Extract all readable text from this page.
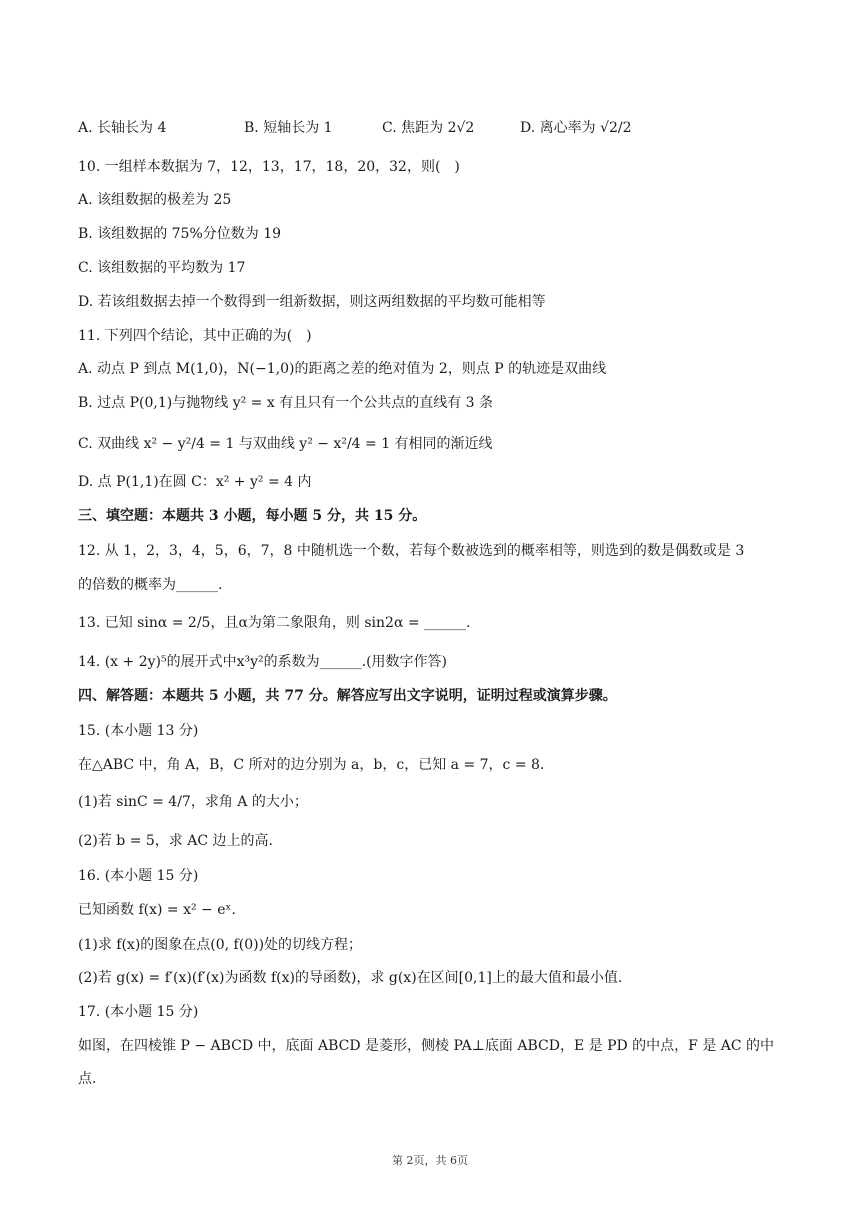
A. 长轴长为 4	B. 短轴长为 1	C. 焦距为 2√2	D. 离心率为 √2/2
10. 一组样本数据为 7，12，13，17，18，20，32，则(　)
A. 该组数据的极差为 25
B. 该组数据的 75%分位数为 19
C. 该组数据的平均数为 17
D. 若该组数据去掉一个数得到一组新数据，则这两组数据的平均数可能相等
11. 下列四个结论，其中正确的为(　)
A. 动点 P 到点 M(1,0)，N(−1,0)的距离之差的绝对值为 2，则点 P 的轨迹是双曲线
B. 过点 P(0,1)与抛物线 y² = x 有且只有一个公共点的直线有 3 条
C. 双曲线 x² − y²/4 = 1 与双曲线 y² − x²/4 = 1 有相同的渐近线
D. 点 P(1,1)在圆 C：x² + y² = 4 内
三、填空题：本题共 3 小题，每小题 5 分，共 15 分。
12. 从 1，2，3，4，5，6，7，8 中随机选一个数，若每个数被选到的概率相等，则选到的数是偶数或是 3
的倍数的概率为______.
13. 已知 sinα = 2/5，且α为第二象限角，则 sin2α = ______.
14. (x + 2y)⁵的展开式中x³y²的系数为______.(用数字作答)
四、解答题：本题共 5 小题，共 77 分。解答应写出文字说明，证明过程或演算步骤。
15. (本小题 13 分)
在△ABC 中，角 A，B，C 所对的边分别为 a，b，c，已知 a = 7，c = 8.
(1)若 sinC = 4/7，求角 A 的大小；
(2)若 b = 5，求 AC 边上的高.
16. (本小题 15 分)
已知函数 f(x) = x² − eˣ.
(1)求 f(x)的图象在点(0, f(0))处的切线方程；
(2)若 g(x) = f′(x)(f′(x)为函数 f(x)的导函数)，求 g(x)在区间[0,1]上的最大值和最小值.
17. (本小题 15 分)
如图，在四棱锥 P − ABCD 中，底面 ABCD 是菱形，侧棱 PA⊥底面 ABCD，E 是 PD 的中点，F 是 AC 的中
点.
第 2页，共 6页
